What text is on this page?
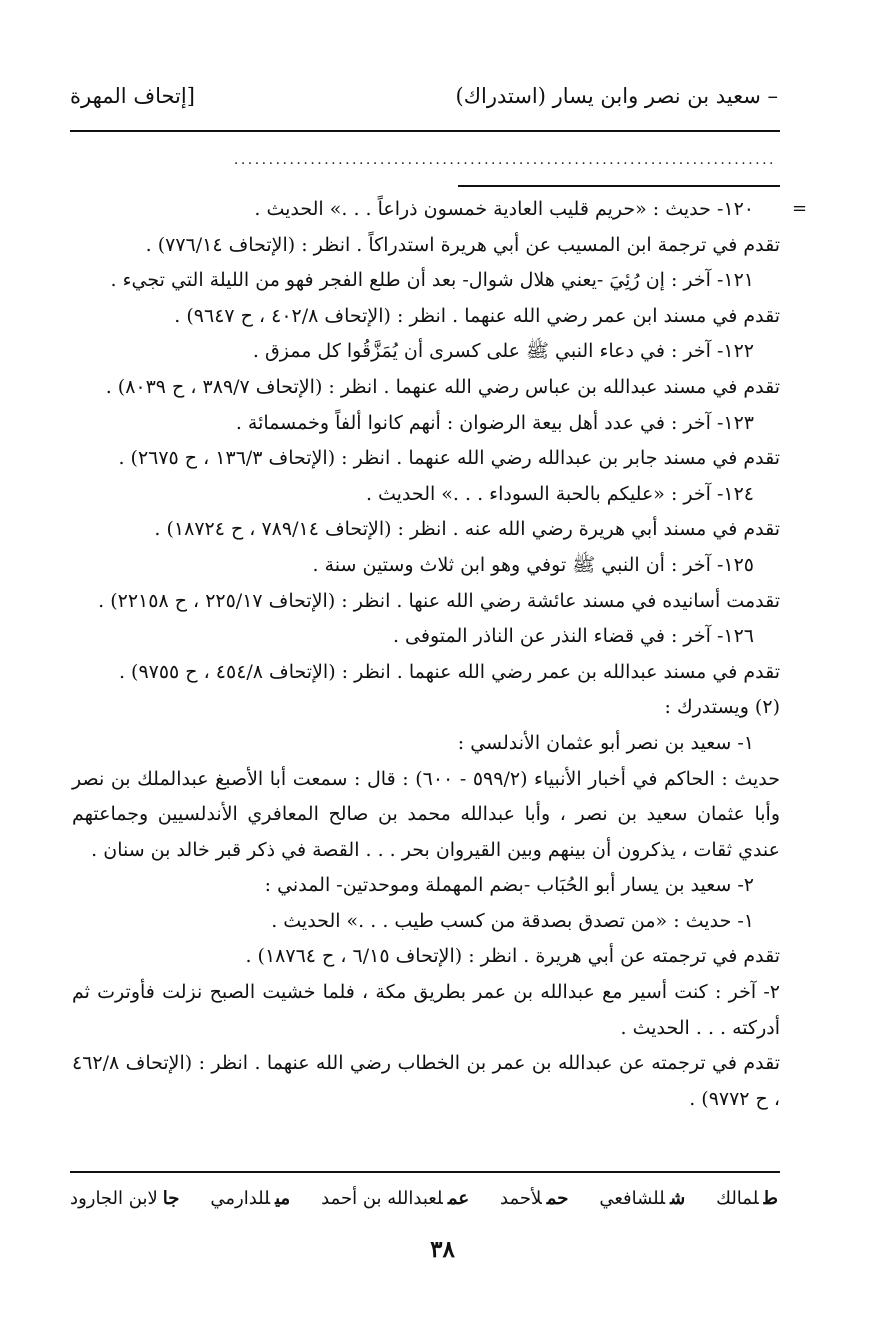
– سعيد بن نصر وابن يسار (استدراك)
[إتحاف المهرة
..............................................................................
=
١٢٠- حديث : «حريم قليب العادية خمسون ذراعاً . . .» الحديث .
تقدم في ترجمة ابن المسيب عن أبي هريرة استدراكاً . انظر : (الإتحاف ٧٧٦/١٤) .
١٢١- آخر : إن رُئِيَ -يعني هلال شوال- بعد أن طلع الفجر فهو من الليلة التي تجيء .
تقدم في مسند ابن عمر رضي الله عنهما . انظر : (الإتحاف ٤٠٢/٨ ، ح ٩٦٤٧) .
١٢٢- آخر : في دعاء النبي ﷺ على كسرى أن يُمَزَّقُوا كل ممزق .
تقدم في مسند عبدالله بن عباس رضي الله عنهما . انظر : (الإتحاف ٣٨٩/٧ ، ح ٨٠٣٩) .
١٢٣- آخر : في عدد أهل بيعة الرضوان : أنهم كانوا ألفاً وخمسمائة .
تقدم في مسند جابر بن عبدالله رضي الله عنهما . انظر : (الإتحاف ١٣٦/٣ ، ح ٢٦٧٥) .
١٢٤- آخر : «عليكم بالحبة السوداء . . .» الحديث .
تقدم في مسند أبي هريرة رضي الله عنه . انظر : (الإتحاف ٧٨٩/١٤ ، ح ١٨٧٢٤) .
١٢٥- آخر : أن النبي ﷺ توفي وهو ابن ثلاث وستين سنة .
تقدمت أسانيده في مسند عائشة رضي الله عنها . انظر : (الإتحاف ٢٢٥/١٧ ، ح ٢٢١٥٨) .
١٢٦- آخر : في قضاء النذر عن الناذر المتوفى .
تقدم في مسند عبدالله بن عمر رضي الله عنهما . انظر : (الإتحاف ٤٥٤/٨ ، ح ٩٧٥٥) .
(٢) ويستدرك :
١- سعيد بن نصر أبو عثمان الأندلسي :
حديث : الحاكم في أخبار الأنبياء (٥٩٩/٢ - ٦٠٠) : قال : سمعت أبا الأصبغ عبدالملك بن نصر وأبا عثمان سعيد بن نصر ، وأبا عبدالله محمد بن صالح المعافري الأندلسيين وجماعتهم عندي ثقات ، يذكرون أن بينهم وبين القيروان بحر . . . القصة في ذكر قبر خالد بن سنان .
٢- سعيد بن يسار أبو الحُبَاب -بضم المهملة وموحدتين- المدني :
١- حديث : «من تصدق بصدقة من كسب طيب . . .» الحديث .
تقدم في ترجمته عن أبي هريرة . انظر : (الإتحاف ٦/١٥ ، ح ١٨٧٦٤) .
٢- آخر : كنت أسير مع عبدالله بن عمر بطريق مكة ، فلما خشيت الصبح نزلت فأوترت ثم أدركته . . . الحديث .
تقدم في ترجمته عن عبدالله بن عمر بن الخطاب رضي الله عنهما . انظر : (الإتحاف ٤٦٢/٨ ، ح ٩٧٧٢) .
طلمالك
شللشافعي
حملأحمد
عملعبدالله بن أحمد
ميللدارمي
جالابن الجارود
٣٨
